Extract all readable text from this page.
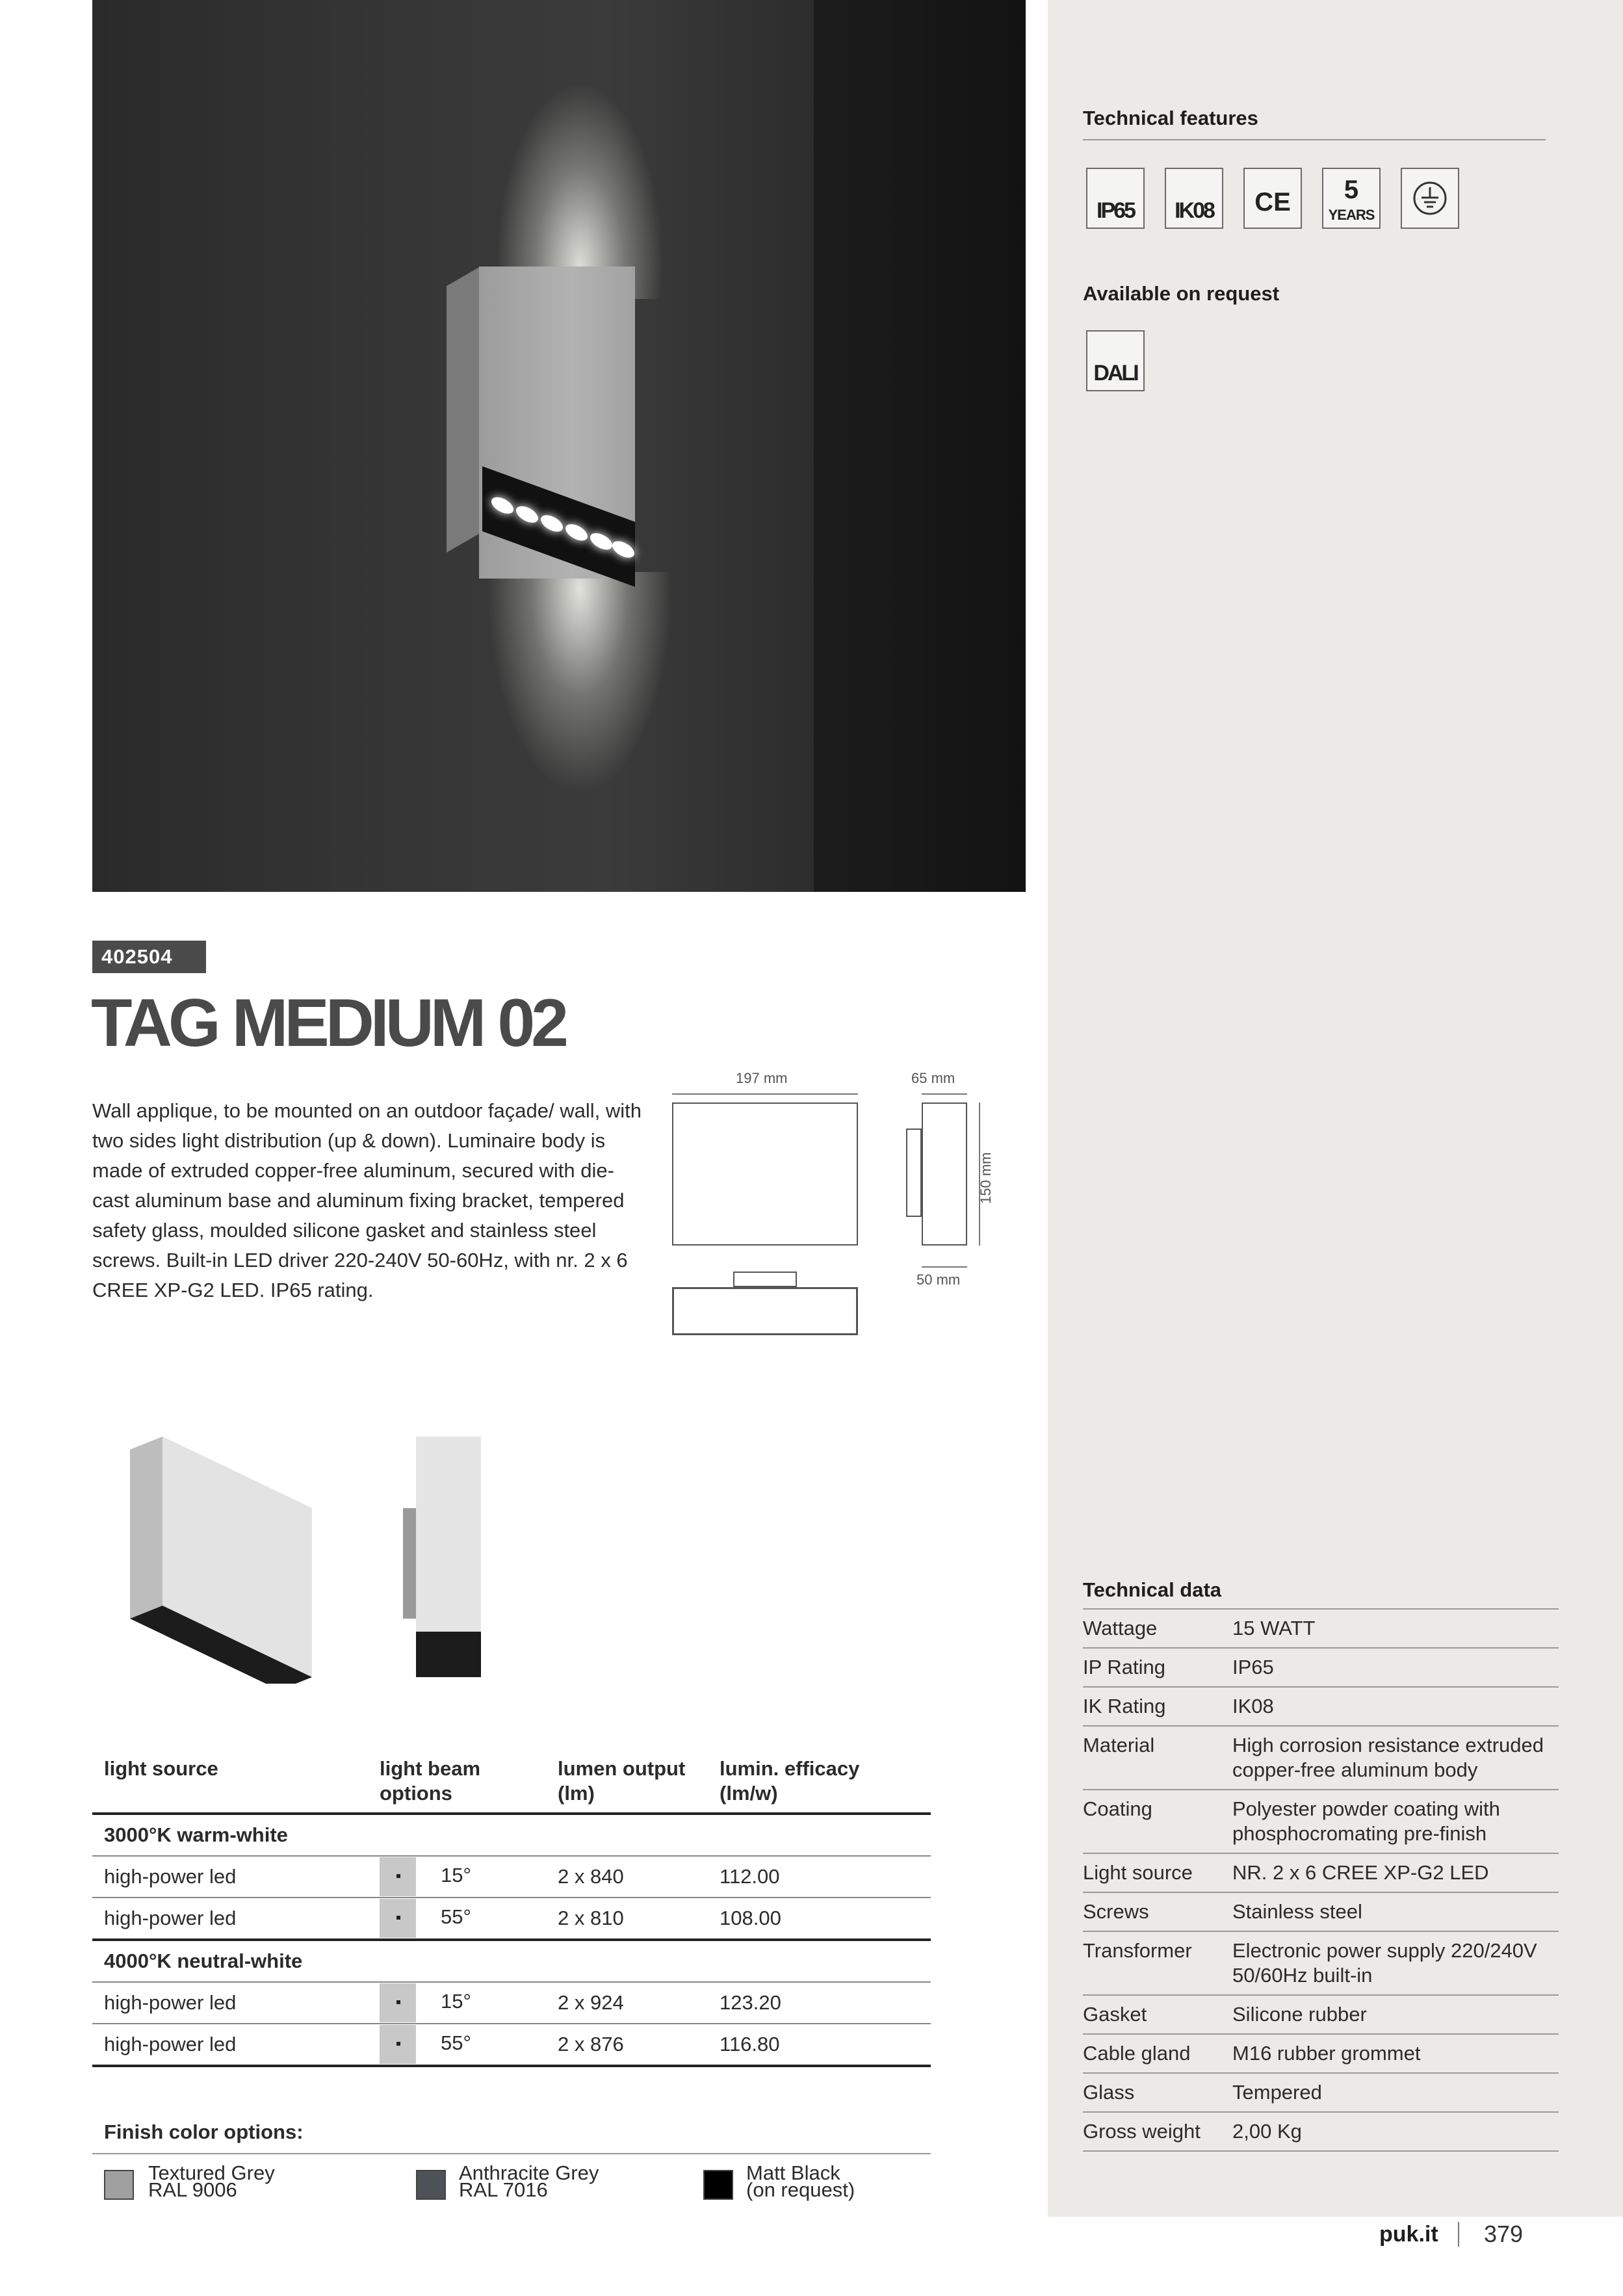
Technical features
IP65	IK08	CE	5
YEARS
Available on request
DALI
402504
TAG MEDIUM 02
Wall applique, to be mounted on an outdoor façade/ wall, with two sides light distribution (up & down). Luminaire body is made of extruded copper-free aluminum, secured with die-cast aluminum base and aluminum fixing bracket, tempered safety glass, moulded silicone gasket and stainless steel screws. Built-in LED driver 220-240V 50-60Hz, with nr. 2 x 6 CREE XP-G2 LED. IP65 rating.
197 mm	65 mm
150 mm
50 mm
light source	light beam options	lumen output (lm)	lumin. efficacy (lm/w)
3000°K warm-white			
high-power led	15°	2 x 840	112.00
high-power led	55°	2 x 810	108.00
4000°K neutral-white			
high-power led	15°	2 x 924	123.20
high-power led	55°	2 x 876	116.80
Finish color options:
Textured Grey
RAL 9006
Anthracite Grey
RAL 7016
Matt Black
(on request)
Technical data
Wattage	15 WATT
IP Rating	IP65
IK Rating	IK08
Material	High corrosion resistance extruded copper-free aluminum body
Coating	Polyester powder coating with phosphocromating pre-finish
Light source	NR. 2 x 6 CREE XP-G2 LED
Screws	Stainless steel
Transformer	Electronic power supply 220/240V 50/60Hz built-in
Gasket	Silicone rubber
Cable gland	M16 rubber grommet
Glass	Tempered
Gross weight	2,00 Kg
puk.it 379
